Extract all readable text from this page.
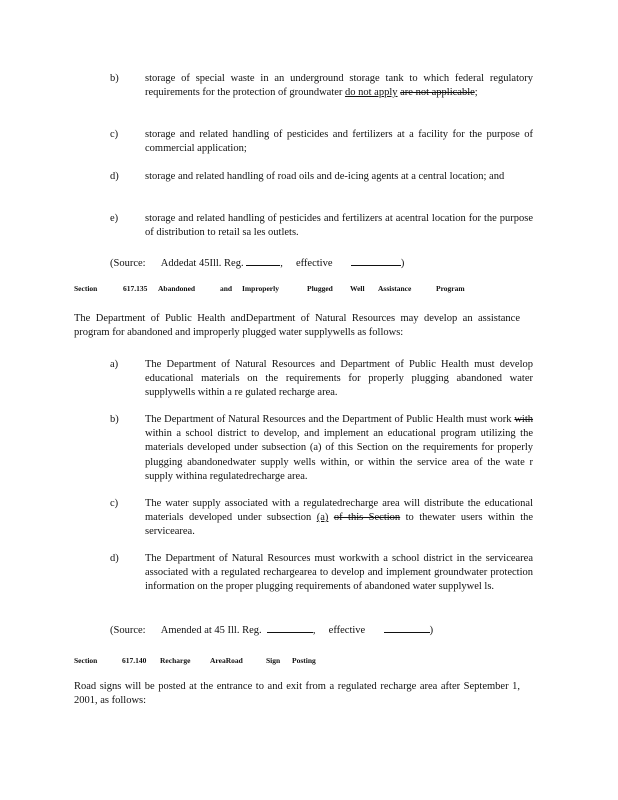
b)	storage of special waste in an underground storage tank to which federal regulatory requirements for the protection of groundwater do not apply are not applicable;
c)	storage and related handling of pesticides and fertilizers at a facility for the purpose of commercial application;
d)	storage and related handling of road oils and de-icing agents at a central location; and
e)	storage and related handling of pesticides and fertilizers at acentral location for the purpose of distribution to retail sa les outlets.
(Source: Addedat 45Ill. Reg.	,     effective	)
Section	617.135 Abandoned	and Improperly	Plugged Well Assistance	Program
The Department of Public Health andDepartment of Natural Resources may develop an assistance program for abandoned and improperly plugged water supplywells as follows:
a)	The Department of Natural Resources and Department of Public Health must develop educational materials on the requirements for properly plugging abandoned water supplywells within a re gulated recharge area.
b)	The Department of Natural Resources and the Department of Public Health must work with within a school district to develop, and implement an educational program utilizing the materials developed under subsection (a) of this Section on the requirements for properly plugging abandonedwater supply wells within, or within the service area of the wate r supply withina regulatedrecharge area.
c)	The water supply associated with a regulatedrecharge area will distribute the educational materials developed under subsection (a) of this Section to thewater users within the servicearea.
d)	The Department of Natural Resources must workwith a school district in the servicearea associated with a regulated rechargearea to develop and implement groundwater protection information on the proper plugging requirements of abandoned water supplywel ls.
(Source: Amended at 45 Ill. Reg.	,     effective	)
Section	617.140 Recharge	AreaRoad	Sign Posting
Road signs will be posted at the entrance to and exit from a regulated recharge area after September 1, 2001, as follows:
